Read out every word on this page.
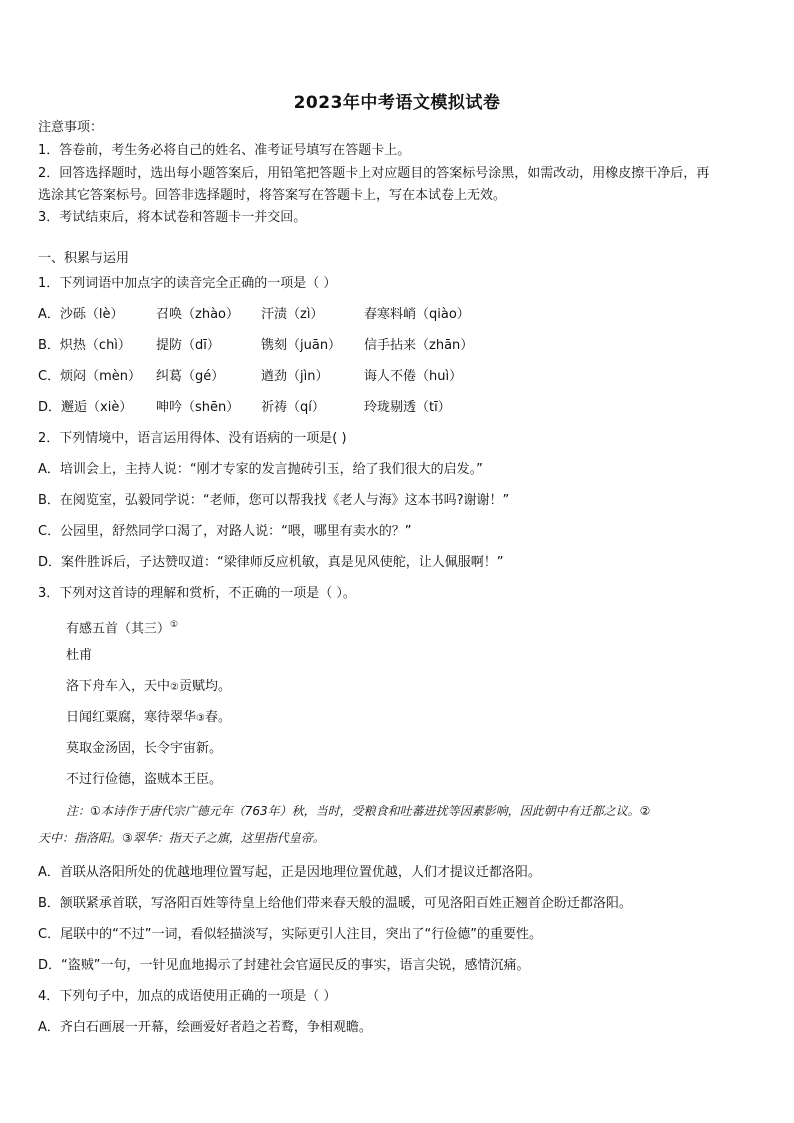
2023年中考语文模拟试卷
注意事项：
1．答卷前，考生务必将自己的姓名、准考证号填写在答题卡上。
2．回答选择题时，选出每小题答案后，用铅笔把答题卡上对应题目的答案标号涂黑，如需改动，用橡皮擦干净后，再
选涂其它答案标号。回答非选择题时，将答案写在答题卡上，写在本试卷上无效。
3．考试结束后，将本试卷和答题卡一并交回。
一、积累与运用
1．下列词语中加点字的读音完全正确的一项是（ ）
A．沙砾（lè） 召唤（zhào） 汗渍（zì）	春寒料峭（qiào）
B．炽热（chì） 提防（dī）	镌刻（juān） 信手拈来（zhān）
C．烦闷（mèn） 纠葛（gé）	遒劲（jìn）	诲人不倦（huì）
D．邂逅（xiè） 呻吟（shēn） 祈祷（qí）	玲珑剔透（tī）
2．下列情境中，语言运用得体、没有语病的一项是( )
A．培训会上，主持人说：“刚才专家的发言抛砖引玉，给了我们很大的启发。”
B．在阅览室，弘毅同学说：“老师，您可以帮我找《老人与海》这本书吗?谢谢！”
C．公园里，舒然同学口渴了，对路人说：“喂，哪里有卖水的？”
D．案件胜诉后，子达赞叹道：“梁律师反应机敏，真是见风使舵，让人佩服啊！”
3．下列对这首诗的理解和赏析，不正确的一项是（ ）。
有感五首（其三）①
杜甫
洛下舟车入，天中②贡赋均。
日闻红粟腐，寒待翠华③春。
莫取金汤固，长令宇宙新。
不过行俭德，盗贼本王臣。
注：①本诗作于唐代宗广德元年（763年）秋，当时，受粮食和吐蕃进扰等因素影响，因此朝中有迁都之议。②
天中：指洛阳。③翠华：指天子之旗，这里指代皇帝。
A．首联从洛阳所处的优越地理位置写起，正是因地理位置优越，人们才提议迁都洛阳。
B．颔联紧承首联，写洛阳百姓等待皇上给他们带来春天般的温暖，可见洛阳百姓正翘首企盼迁都洛阳。
C．尾联中的“不过”一词，看似轻描淡写，实际更引人注目，突出了“行俭德”的重要性。
D．“盗贼”一句，一针见血地揭示了封建社会官逼民反的事实，语言尖锐，感情沉痛。
4．下列句子中，加点的成语使用正确的一项是（ ）
A．齐白石画展一开幕，绘画爱好者趋之若鹜，争相观瞻。
